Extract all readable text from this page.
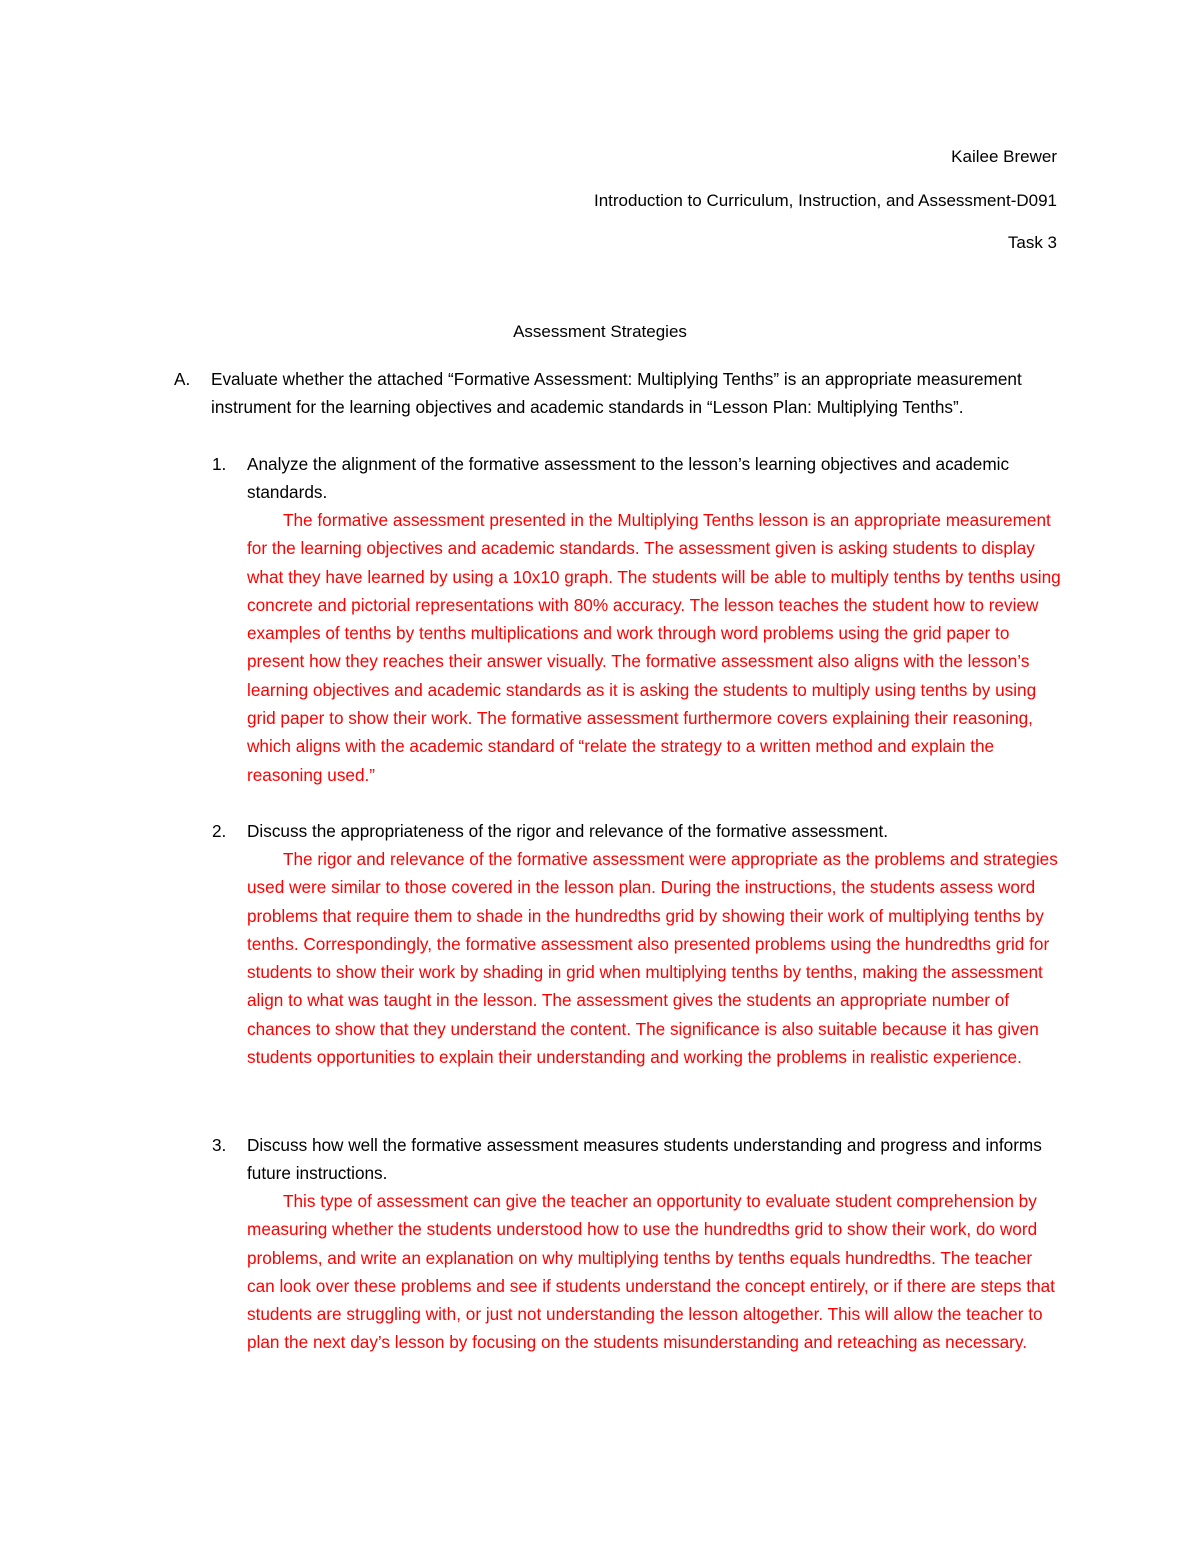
Kailee Brewer
Introduction to Curriculum, Instruction, and Assessment-D091
Task 3
Assessment Strategies
A. Evaluate whether the attached “Formative Assessment: Multiplying Tenths” is an appropriate measurement instrument for the learning objectives and academic standards in “Lesson Plan: Multiplying Tenths”.
1. Analyze the alignment of the formative assessment to the lesson’s learning objectives and academic standards.
The formative assessment presented in the Multiplying Tenths lesson is an appropriate measurement for the learning objectives and academic standards. The assessment given is asking students to display what they have learned by using a 10x10 graph. The students will be able to multiply tenths by tenths using concrete and pictorial representations with 80% accuracy. The lesson teaches the student how to review examples of tenths by tenths multiplications and work through word problems using the grid paper to present how they reaches their answer visually. The formative assessment also aligns with the lesson’s learning objectives and academic standards as it is asking the students to multiply using tenths by using grid paper to show their work. The formative assessment furthermore covers explaining their reasoning, which aligns with the academic standard of “relate the strategy to a written method and explain the reasoning used.”
2. Discuss the appropriateness of the rigor and relevance of the formative assessment.
The rigor and relevance of the formative assessment were appropriate as the problems and strategies used were similar to those covered in the lesson plan. During the instructions, the students assess word problems that require them to shade in the hundredths grid by showing their work of multiplying tenths by tenths. Correspondingly, the formative assessment also presented problems using the hundredths grid for students to show their work by shading in grid when multiplying tenths by tenths, making the assessment align to what was taught in the lesson. The assessment gives the students an appropriate number of chances to show that they understand the content. The significance is also suitable because it has given students opportunities to explain their understanding and working the problems in realistic experience.
3. Discuss how well the formative assessment measures students understanding and progress and informs future instructions.
This type of assessment can give the teacher an opportunity to evaluate student comprehension by measuring whether the students understood how to use the hundredths grid to show their work, do word problems, and write an explanation on why multiplying tenths by tenths equals hundredths. The teacher can look over these problems and see if students understand the concept entirely, or if there are steps that students are struggling with, or just not understanding the lesson altogether. This will allow the teacher to plan the next day’s lesson by focusing on the students misunderstanding and reteaching as necessary.
